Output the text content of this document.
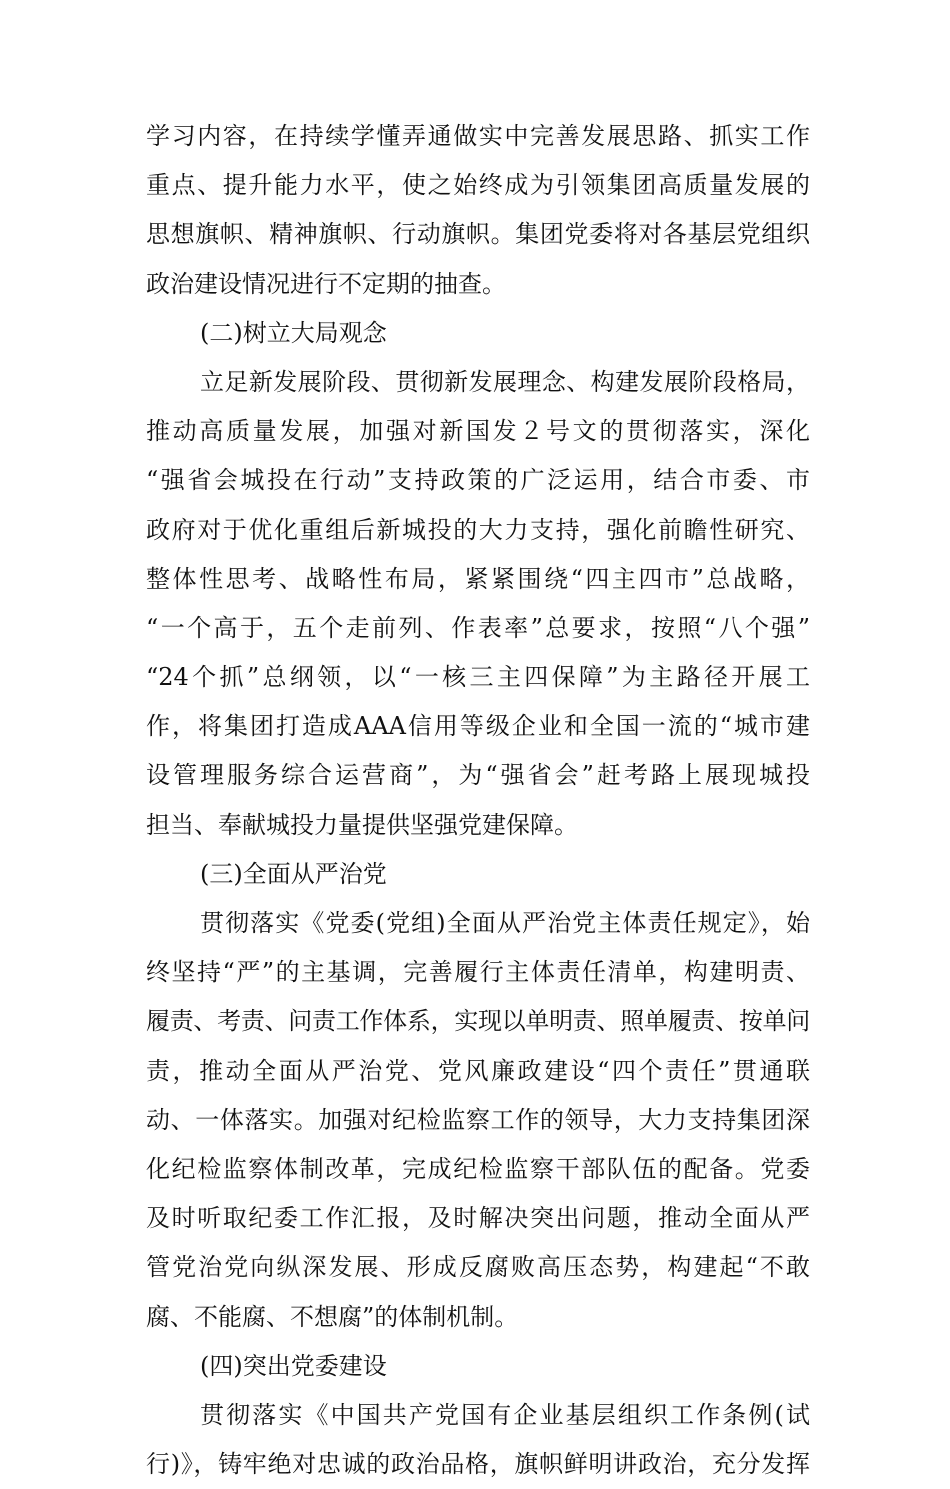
学习内容，在持续学懂弄通做实中完善发展思路、抓实工作
重点、提升能力水平，使之始终成为引领集团高质量发展的
思想旗帜、精神旗帜、行动旗帜。集团党委将对各基层党组织
政治建设情况进行不定期的抽查。
(二)树立大局观念
立足新发展阶段、贯彻新发展理念、构建发展阶段格局，
推动高质量发展，加强对新国发２号文的贯彻落实，深化
“强省会城投在行动”支持政策的广泛运用，结合市委、市
政府对于优化重组后新城投的大力支持，强化前瞻性研究、
整体性思考、战略性布局，紧紧围绕“四主四市”总战略，
“一个高于，五个走前列、作表率”总要求，按照“八个强”
“24个抓”总纲领，以“一核三主四保障”为主路径开展工
作，将集团打造成AAA信用等级企业和全国一流的“城市建
设管理服务综合运营商”，为“强省会”赶考路上展现城投
担当、奉献城投力量提供坚强党建保障。
(三)全面从严治党
贯彻落实《党委(党组)全面从严治党主体责任规定》，始
终坚持“严”的主基调，完善履行主体责任清单，构建明责、
履责、考责、问责工作体系，实现以单明责、照单履责、按单问
责，推动全面从严治党、党风廉政建设“四个责任”贯通联
动、一体落实。加强对纪检监察工作的领导，大力支持集团深
化纪检监察体制改革，完成纪检监察干部队伍的配备。党委
及时听取纪委工作汇报，及时解决突出问题，推动全面从严
管党治党向纵深发展、形成反腐败高压态势，构建起“不敢
腐、不能腐、不想腐”的体制机制。
(四)突出党委建设
贯彻落实《中国共产党国有企业基层组织工作条例(试
行)》，铸牢绝对忠诚的政治品格，旗帜鲜明讲政治，充分发挥
